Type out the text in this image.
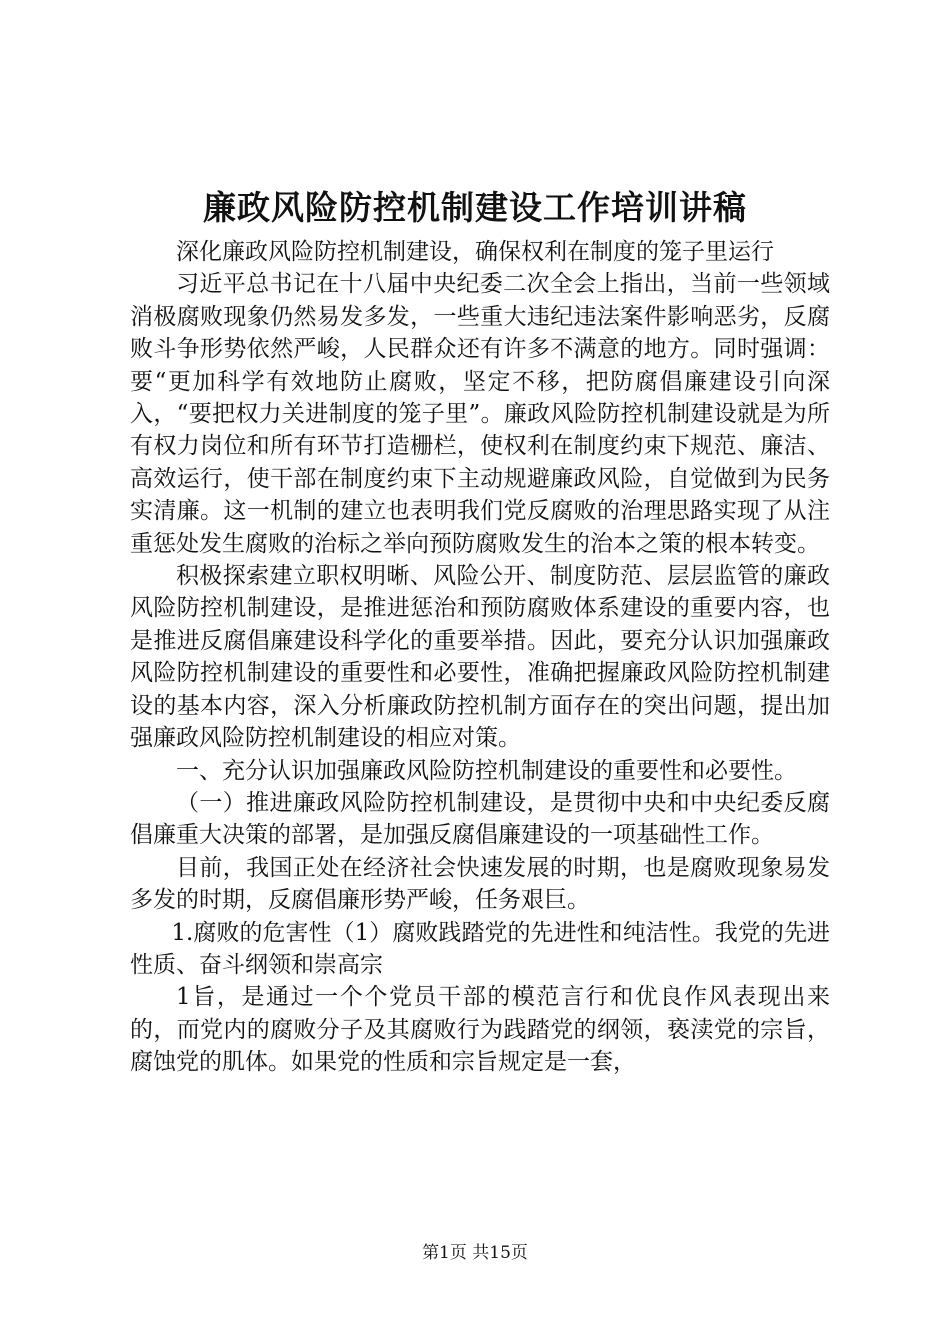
廉政风险防控机制建设工作培训讲稿

深化廉政风险防控机制建设，确保权利在制度的笼子里运行

习近平总书记在十八届中央纪委二次全会上指出，当前一些领域消极腐败现象仍然易发多发，一些重大违纪违法案件影响恶劣，反腐败斗争形势依然严峻，人民群众还有许多不满意的地方。同时强调：要“更加科学有效地防止腐败，坚定不移，把防腐倡廉建设引向深入，“要把权力关进制度的笼子里”。廉政风险防控机制建设就是为所有权力岗位和所有环节打造栅栏，使权利在制度约束下规范、廉洁、高效运行，使干部在制度约束下主动规避廉政风险，自觉做到为民务实清廉。这一机制的建立也表明我们党反腐败的治理思路实现了从注重惩处发生腐败的治标之举向预防腐败发生的治本之策的根本转变。

积极探索建立职权明晰、风险公开、制度防范、层层监管的廉政风险防控机制建设，是推进惩治和预防腐败体系建设的重要内容，也是推进反腐倡廉建设科学化的重要举措。因此，要充分认识加强廉政风险防控机制建设的重要性和必要性，准确把握廉政风险防控机制建设的基本内容，深入分析廉政防控机制方面存在的突出问题，提出加强廉政风险防控机制建设的相应对策。

一、充分认识加强廉政风险防控机制建设的重要性和必要性。

（一）推进廉政风险防控机制建设，是贯彻中央和中央纪委反腐倡廉重大决策的部署，是加强反腐倡廉建设的一项基础性工作。

目前，我国正处在经济社会快速发展的时期，也是腐败现象易发多发的时期，反腐倡廉形势严峻，任务艰巨。

1.腐败的危害性（1）腐败践踏党的先进性和纯洁性。我党的先进性质、奋斗纲领和崇高宗

1旨，是通过一个个党员干部的模范言行和优良作风表现出来的，而党内的腐败分子及其腐败行为践踏党的纲领，亵渎党的宗旨，腐蚀党的肌体。如果党的性质和宗旨规定是一套，

第1页 共15页
